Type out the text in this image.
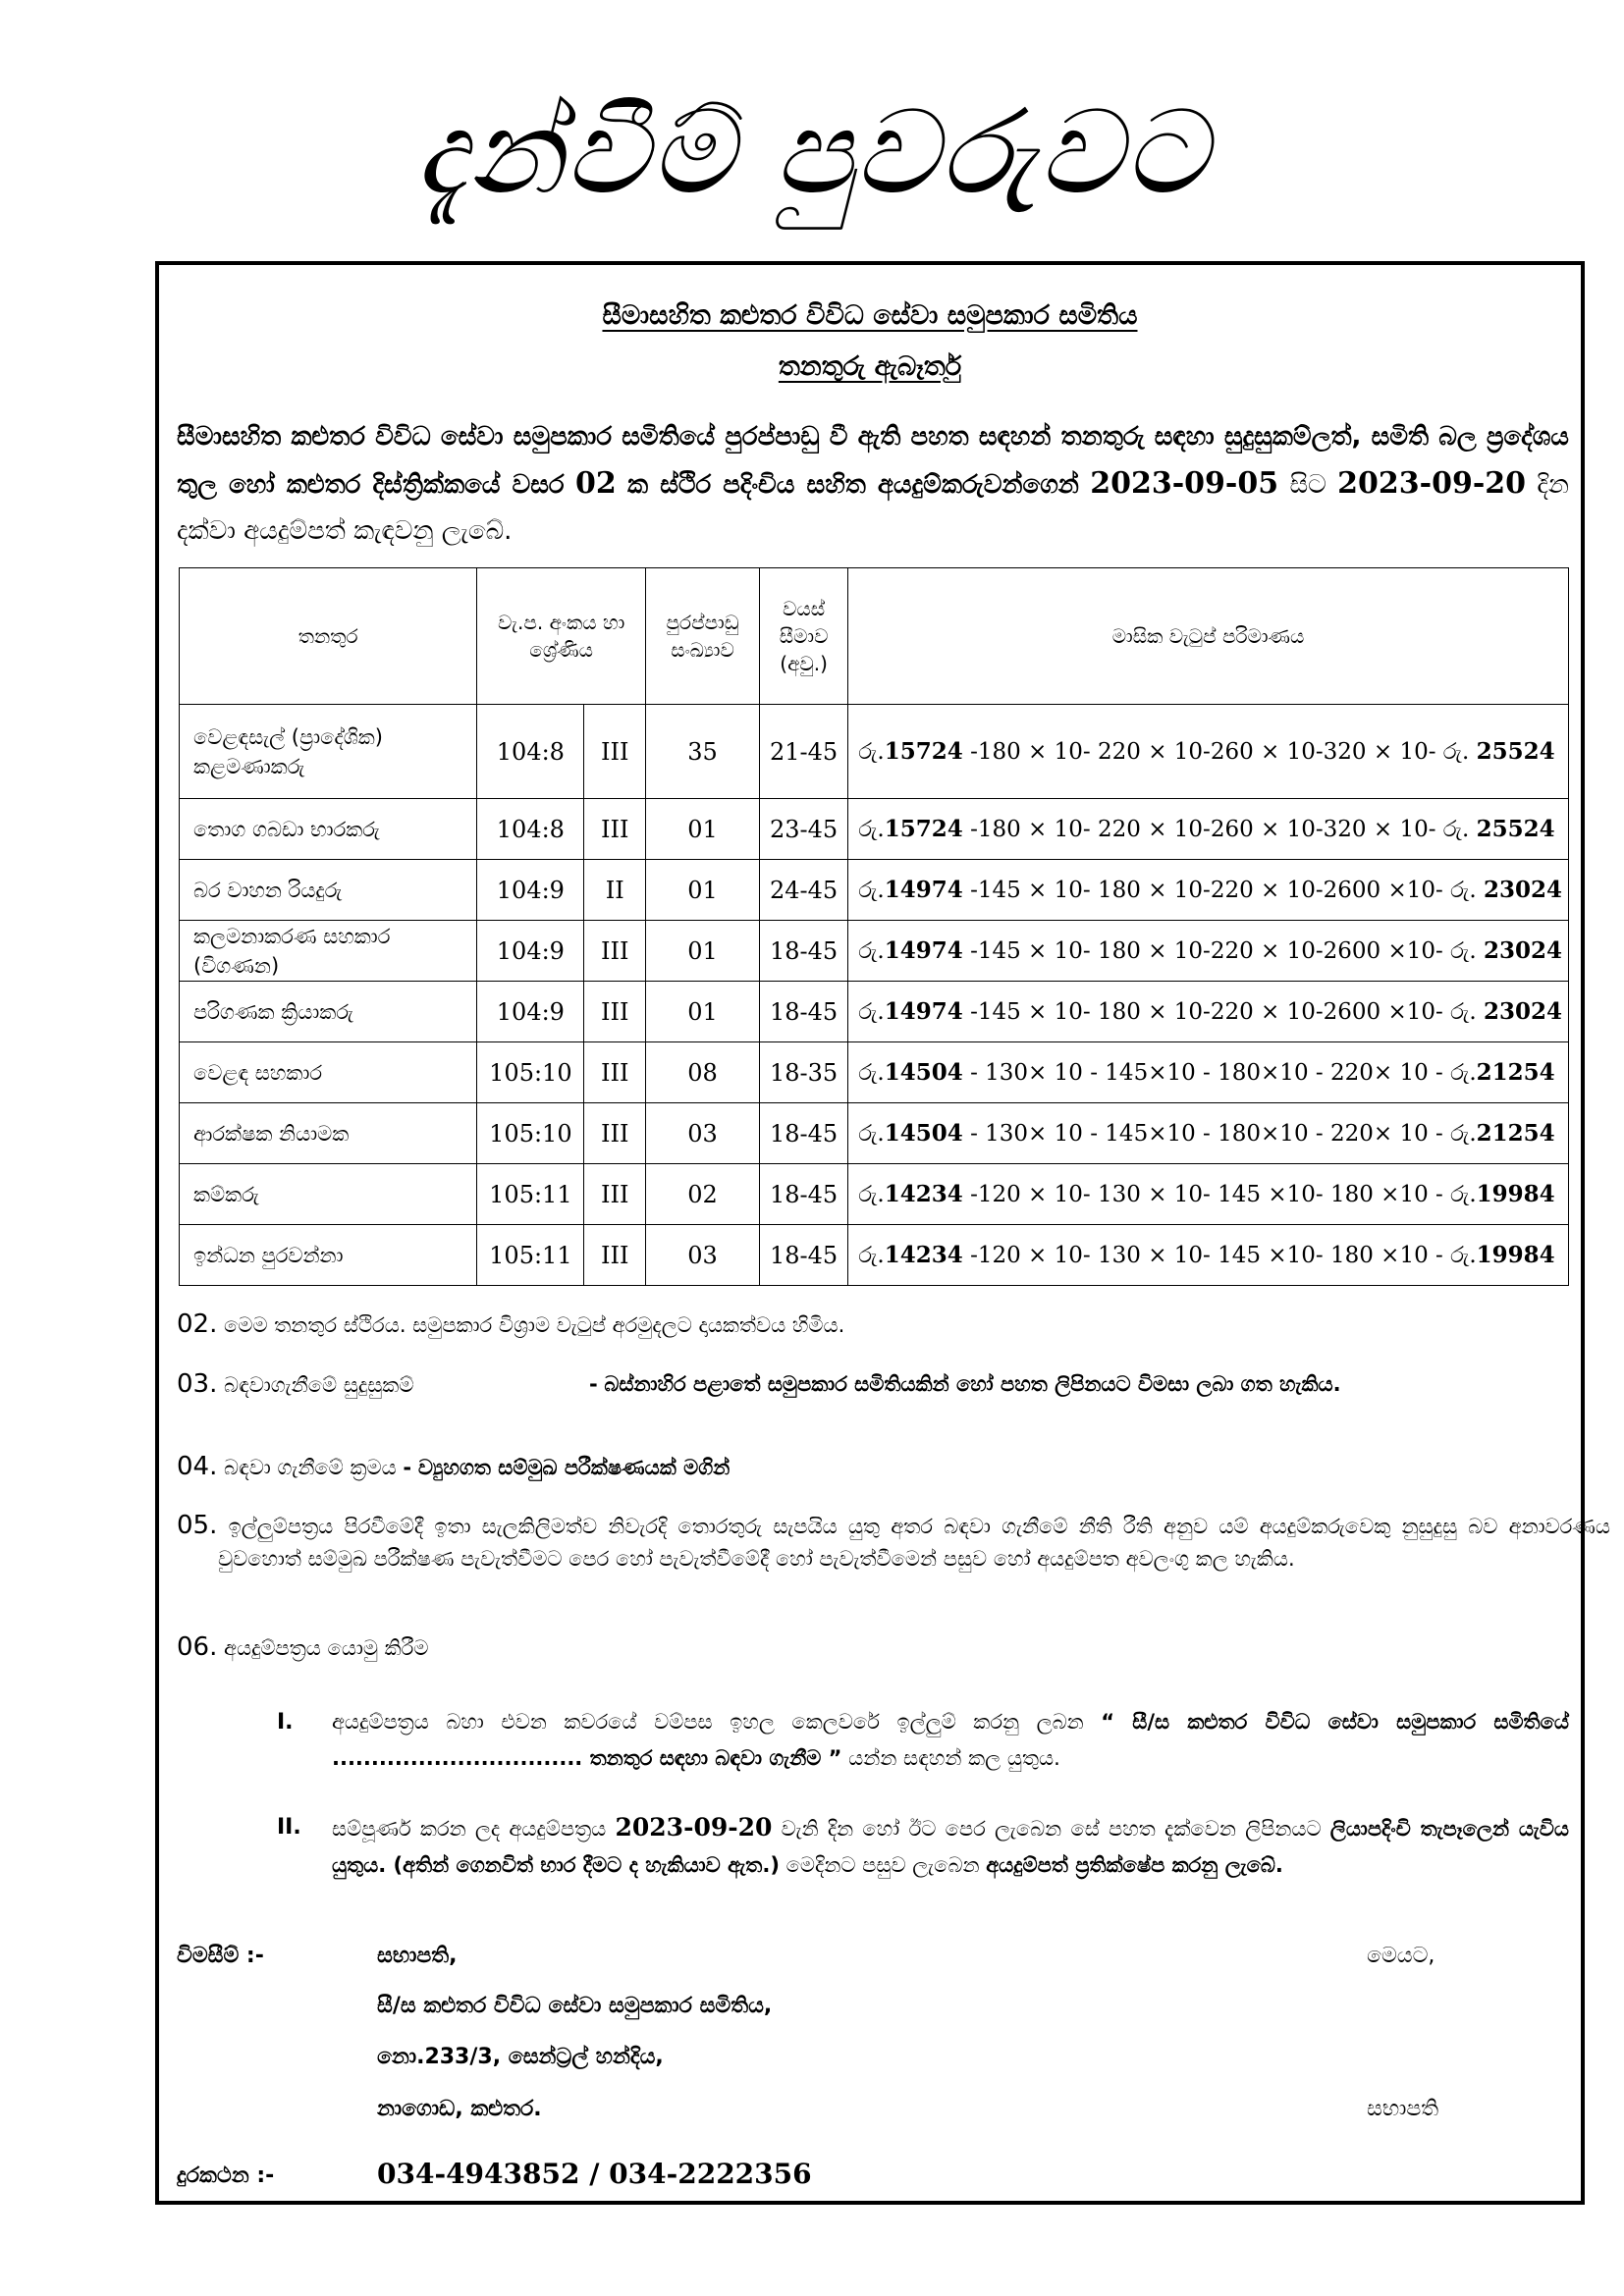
දැන්වීම් පුවරුවට
සීමාසහිත කළුතර විවිධ සේවා සමුපකාර සමිතිය
තනතුරු ඇබෑර්තු
සීමාසහිත කළුතර විවිධ සේවා සමුපකාර සමිතියේ පුරප්පාඩු වී ඇති පහත සඳහන් තනතුරු සඳහා සුදුසුකම්ලත්, සමිති බල ප්‍රදේශය තුල හෝ කළුතර දිස්ත්‍රික්කයේ වසර 02 ක ස්ථිර පදිංචිය සහිත අයදුම්කරුවන්ගෙන් 2023-09-05 සිට 2023-09-20 දින දක්වා අයදුම්පත් කැඳවනු ලැබේ.
තනතුර	වැ.ප. අංකය හා ශ්‍රේණිය		පුරප්පාඩු සංඛ්‍යාව	වයස් සීමාව (අවු.)	මාසික වැටුප් පරිමාණය
වෙළඳසැල් (ප්‍රාදේශික) කළමණාකරු	104:8	III	35	21-45	රු.15724 -180 × 10- 220 × 10-260 × 10-320 × 10- රු. 25524
තොග ගබඩා භාරකරු	104:8	III	01	23-45	රු.15724 -180 × 10- 220 × 10-260 × 10-320 × 10- රු. 25524
බර වාහන රියදුරු	104:9	II	01	24-45	රු.14974 -145 × 10- 180 × 10-220 × 10-2600 ×10- රු. 23024
කලමනාකරණ සහකාර (විගණන)	104:9	III	01	18-45	රු.14974 -145 × 10- 180 × 10-220 × 10-2600 ×10- රු. 23024
පරිගණක ක්‍රියාකරු	104:9	III	01	18-45	රු.14974 -145 × 10- 180 × 10-220 × 10-2600 ×10- රු. 23024
වෙළඳ සහකාර	105:10	III	08	18-35	රු.14504 - 130× 10 - 145×10 - 180×10 - 220× 10 - රු.21254
ආරක්ෂක නියාමක	105:10	III	03	18-45	රු.14504 - 130× 10 - 145×10 - 180×10 - 220× 10 - රු.21254
කම්කරු	105:11	III	02	18-45	රු.14234 -120 × 10- 130 × 10- 145 ×10- 180 ×10 - රු.19984
ඉන්ධන පුරවන්නා	105:11	III	03	18-45	රු.14234 -120 × 10- 130 × 10- 145 ×10- 180 ×10 - රු.19984
02. මෙම තනතුර ස්ථිරය. සමුපකාර විශ්‍රාම වැටුප් අරමුදලට දායකත්වය හිමිය.
03. බඳවාගැනීමේ සුදුසුකම්	- බස්නාහිර පළාතේ සමුපකාර සමිතියකින් හෝ පහත ලිපිනයට විමසා ලබා ගත හැකිය.
04. බඳවා ගැනීමේ ක්‍රමය - ව්‍යුහගත සම්මුඛ පරීක්ෂණයක් මගින්
05. ඉල්ලුම්පත්‍රය පිරවීමේදී ඉතා සැලකිලිමත්ව නිවැරදි තොරතුරු සැපයිය යුතු අතර බඳවා ගැනීමේ නීති රීති අනුව යම් අයදුම්කරුවෙකු නුසුදුසු බව අනාවරණය වුවහොත් සම්මුඛ පරීක්ෂණ පැවැත්වීමට පෙර හෝ පැවැත්වීමේදී හෝ පැවැත්වීමෙන් පසුව හෝ අයදුම්පත අවලංගු කල හැකිය.
06. අයදුම්පත්‍රය යොමු කිරීම
I. අයදුම්පත්‍රය බහා එවන කවරයේ වම්පස ඉහල කෙලවරේ ඉල්ලුම් කරනු ලබන “ සී/ස කළුතර විවිධ සේවා සමුපකාර සමිතියේ ................................ තනතුර සඳහා බඳවා ගැනීම ” යන්න සඳහන් කල යුතුය.
II. සම්පූර්ණ කරන ලද අයදුම්පත්‍රය 2023-09-20 වැනි දින හෝ ඊට පෙර ලැබෙන සේ පහත දැක්වෙන ලිපිනයට ලියාපදිංචි තැපෑලෙන් යැවිය යුතුය. (අතින් ගෙනවිත් භාර දීමට ද හැකියාව ඇත.) මෙදිනට පසුව ලැබෙන අයදුම්පත් ප්‍රතික්ෂේප කරනු ලැබේ.
විමසීම් :-	සභාපති,
සී/ස කළුතර විවිධ සේවා සමුපකාර සමිතිය,
නො.233/3, සෙන්ට්‍රල් හන්දිය,
නාගොඩ, කළුතර.
මෙයට,
සභාපති
දුරකථන :-	034-4943852 / 034-2222356
